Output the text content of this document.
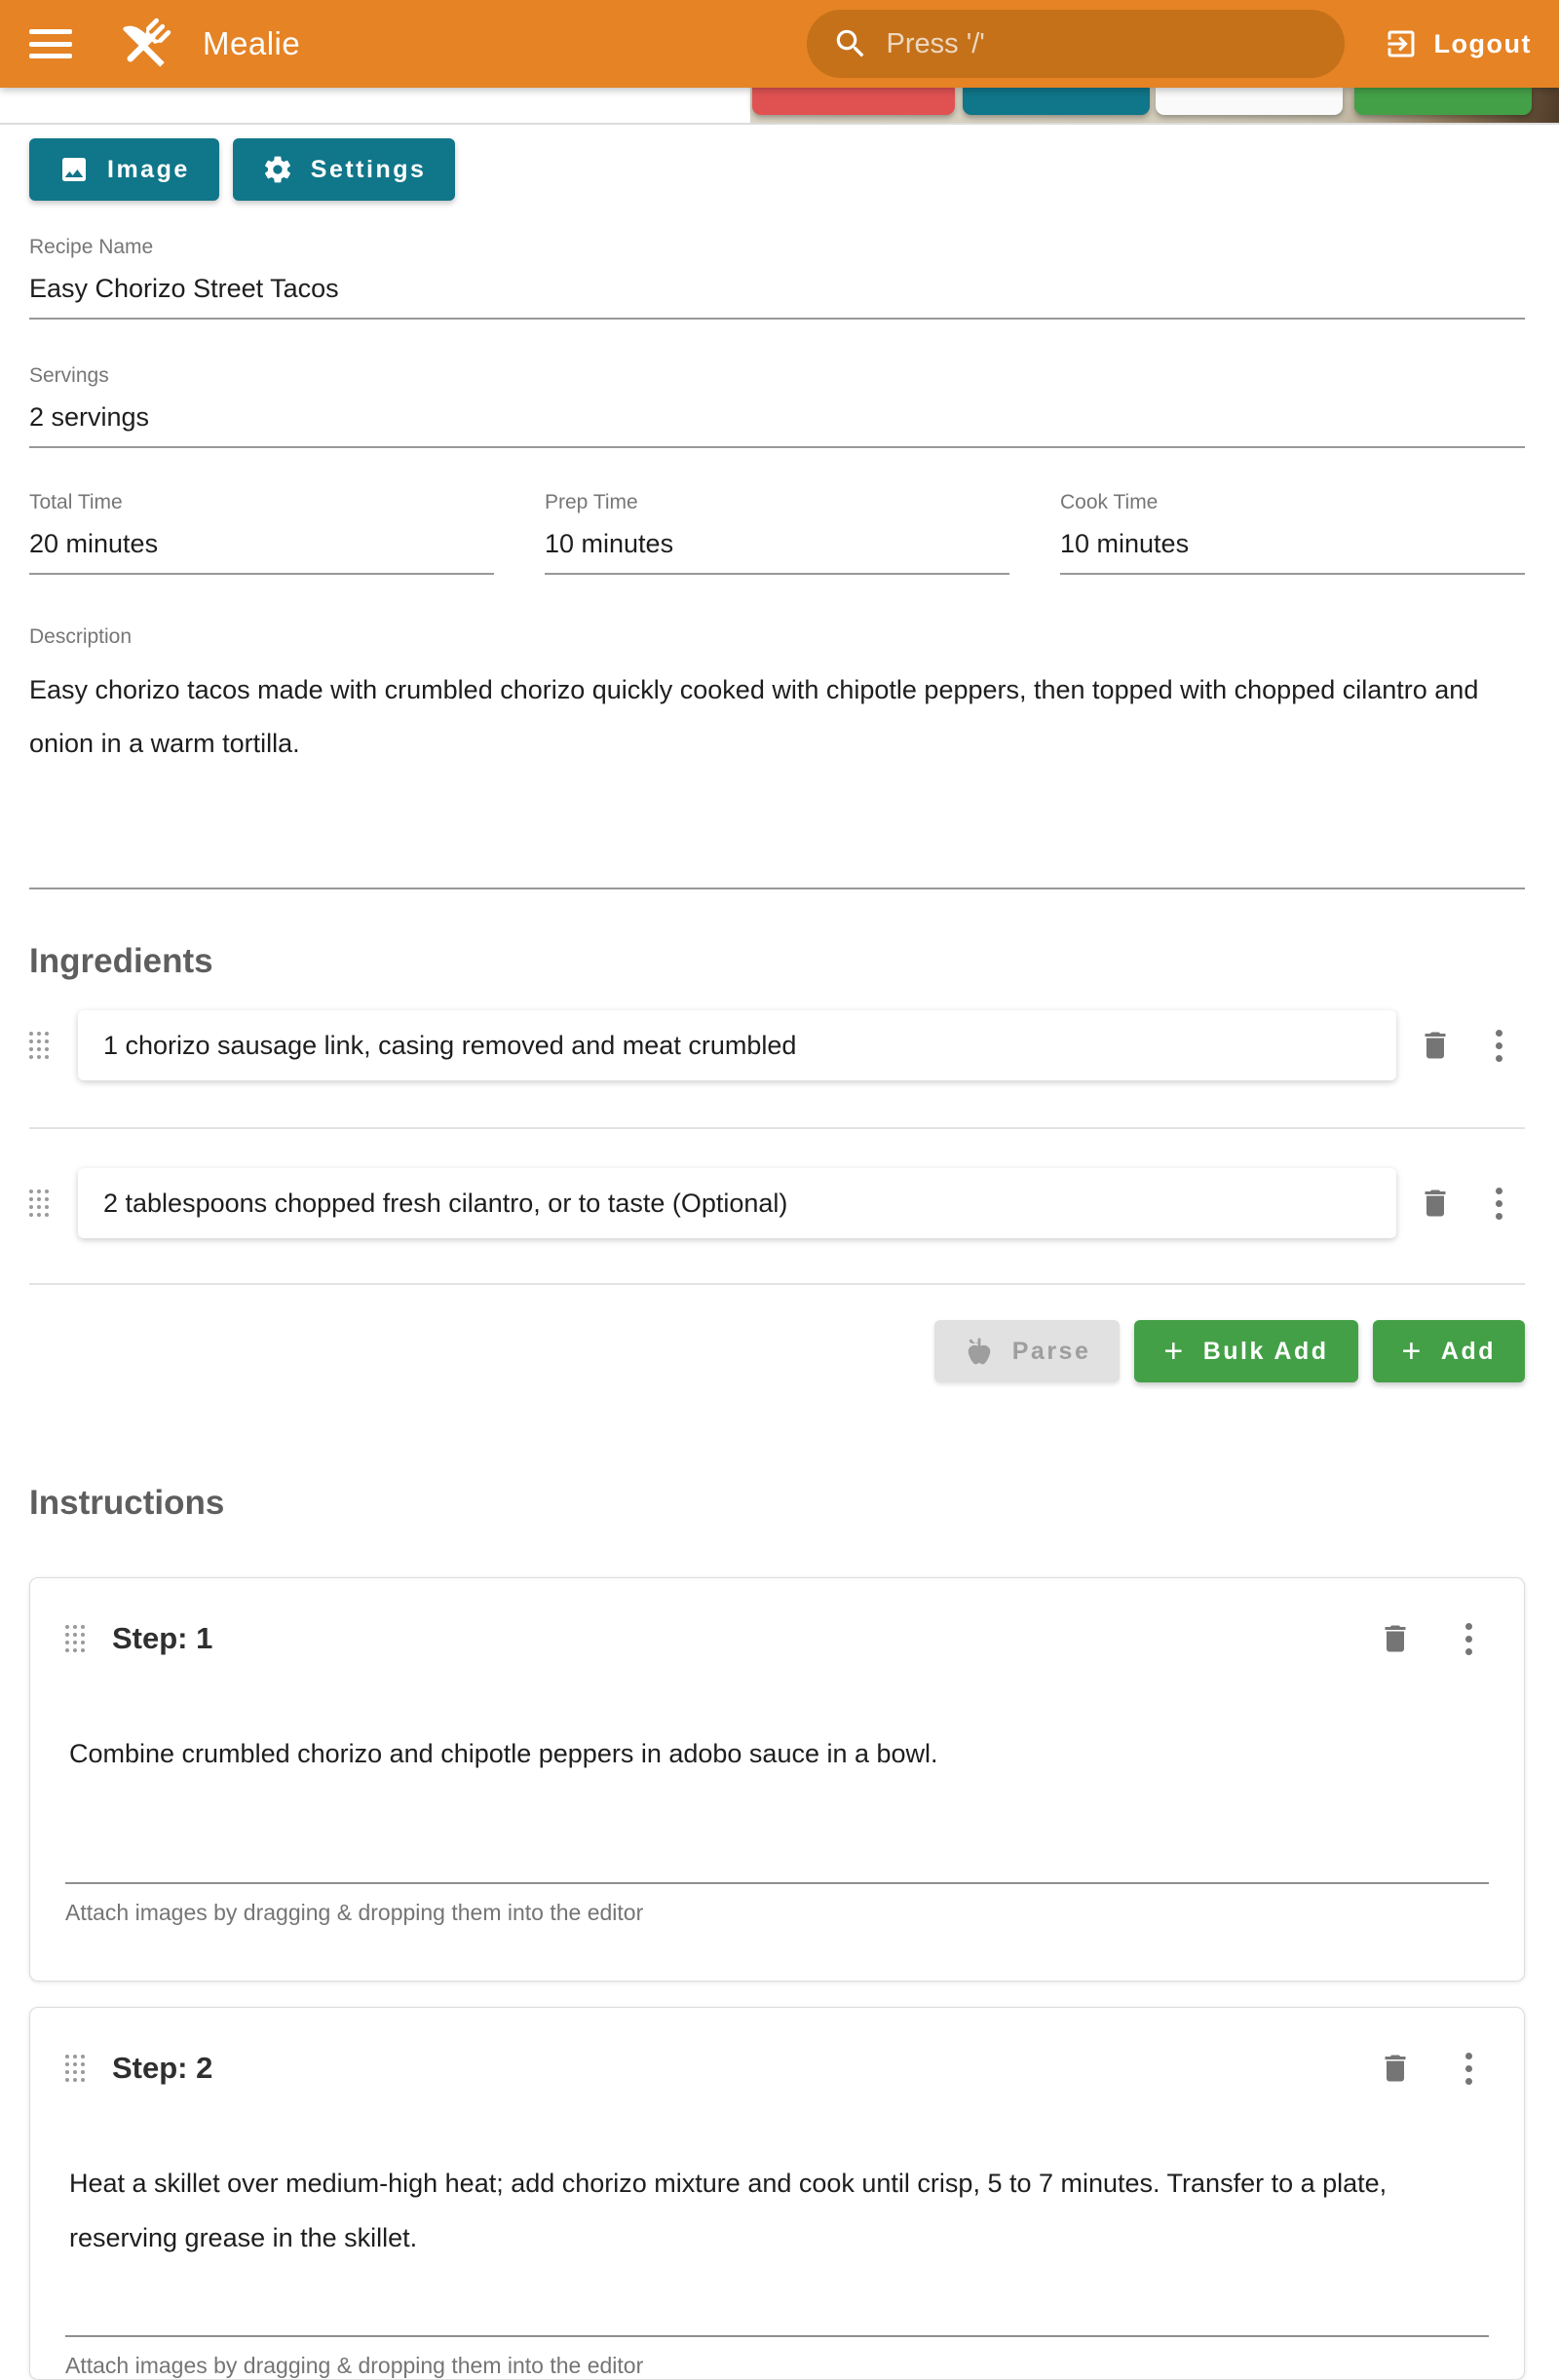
Mealie
Press '/'	Logout
Image	Settings
Recipe Name
Easy Chorizo Street Tacos
Servings
2 servings
Total Time
20 minutes
Prep Time
10 minutes
Cook Time
10 minutes
Description
Easy chorizo tacos made with crumbled chorizo quickly cooked with chipotle peppers, then topped with chopped cilantro and onion in a warm tortilla.
Ingredients
1 chorizo sausage link, casing removed and meat crumbled
2 tablespoons chopped fresh cilantro, or to taste (Optional)
Parse + Bulk Add + Add
Instructions
Step: 1
Combine crumbled chorizo and chipotle peppers in adobo sauce in a bowl.
Attach images by dragging & dropping them into the editor
Step: 2
Heat a skillet over medium-high heat; add chorizo mixture and cook until crisp, 5 to 7 minutes. Transfer to a plate, reserving grease in the skillet.
Attach images by dragging & dropping them into the editor
